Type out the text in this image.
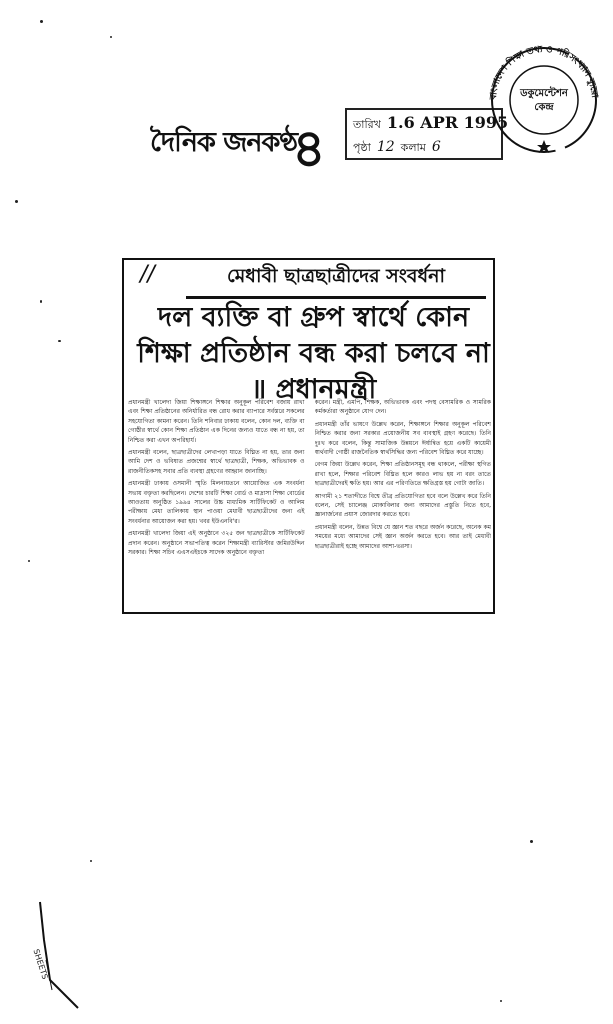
দৈনিক জনকণ্ঠ
৪ তারিখ 1.6 APR 1995
পৃষ্ঠা 12 কলাম 6
বাংলাদেশ শিক্ষা তথ্য ও পরিসংখ্যান ব্যুরো
ডকুমেন্টেশন
কেন্দ্র
//	মেধাবী ছাত্রছাত্রীদের সংবর্ধনা
দল ব্যক্তি বা গ্রুপ স্বার্থে কোন শিক্ষা প্রতিষ্ঠান বন্ধ করা চলবে না ॥ প্রধানমন্ত্রী

প্রধানমন্ত্রী খালেদা জিয়া শিক্ষাঙ্গনে শিক্ষার অনুকূল পরিবেশ বজায় রাখা এবং শিক্ষা প্রতিষ্ঠানের অনির্ধারিত বন্ধ রোধ করার ব্যাপারে সর্বস্তরে সকলের সহযোগিতা কামনা করেন। তিনি শনিবার ঢাকায় বলেন, কোন দল, ব্যক্তি বা গোষ্ঠীর স্বার্থে কোন শিক্ষা প্রতিষ্ঠান এক দিনের জন্যও যাতে বন্ধ না হয়, তা নিশ্চিত করা এখন অপরিহার্য।

প্রধানমন্ত্রী বলেন, ছাত্রছাত্রীদের লেখাপড়া যাতে বিঘ্নিত না হয়, তার জন্য আমি দেশ ও ভবিষ্যত প্রজন্মের স্বার্থে ছাত্রছাত্রী, শিক্ষক, অভিভাবক ও রাজনীতিকসহ সবার প্রতি ব্যবস্থা গ্রহণের আহ্বান জানাচ্ছি।

প্রধানমন্ত্রী ঢাকায় ওসমানী স্মৃতি মিলনায়তনে আয়োজিত এক সংবর্ধনা সভায় বক্তৃতা করছিলেন। দেশের চারটি শিক্ষা বোর্ড ও মাদ্রাসা শিক্ষা বোর্ডের আওতায় অনুষ্ঠিত ১৯৯৪ সালের উচ্চ মাধ্যমিক সার্টিফিকেট ও আলিম পরীক্ষায় মেধা তালিকায় স্থান পাওয়া মেধাবী ছাত্রছাত্রীদের জন্য এই সংবর্ধনার আয়োজন করা হয়। খবর ইউএনবি'র।

প্রধানমন্ত্রী খালেদা জিয়া এই অনুষ্ঠানে ৩২৫ জন ছাত্রছাত্রীকে সার্টিফিকেট প্রদান করেন। অনুষ্ঠানে সভাপতিত্ব করেন শিক্ষামন্ত্রী ব্যারিস্টার জমিরউদ্দিন সরকার। শিক্ষা সচিব এএসএইচকে সাদেক অনুষ্ঠানে বক্তৃতা

করেন। মন্ত্রী, এমপি, শিক্ষক, অভিভাবক এবং পদস্থ বেসামরিক ও সামরিক কর্মকর্তারা অনুষ্ঠানে যোগ দেন।

প্রধানমন্ত্রী তাঁর ভাষণে উল্লেখ করেন, শিক্ষাঙ্গনে শিক্ষার অনুকূল পরিবেশ নিশ্চিত করার জন্য সরকার প্রয়োজনীয় সব ব্যবস্থাই গ্রহণ করেছে। তিনি দুঃখ করে বলেন, কিন্তু সামাজিক উন্নয়নে ঈর্ষান্বিত হয়ে একটি কায়েমী স্বার্থবাদী গোষ্ঠী রাজনৈতিক স্বার্থসিদ্ধির জন্য পরিবেশ বিঘ্নিত করে যাচ্ছে।

বেগম জিয়া উল্লেখ করেন, শিক্ষা প্রতিষ্ঠানসমূহ বন্ধ থাকলে, পরীক্ষা স্থগিত রাখা হলে, শিক্ষার পরিবেশ বিঘ্নিত হলে কারও লাভ হয় না বরং তাতে ছাত্রছাত্রীদেরই ক্ষতি হয়। আর এর পরিণতিতে ক্ষতিগ্রস্ত হয় গোটা জাতি।

আগামী ২১ শতাব্দীতে বিশ্বে তীব্র প্রতিযোগিতা হবে বলে উল্লেখ করে তিনি বলেন, সেই চ্যালেঞ্জ মোকাবিলার জন্য আমাদের প্রস্তুতি নিতে হবে, জ্ঞানার্জনের প্রয়াস জোরদার করতে হবে।

প্রধানমন্ত্রী বলেন, উন্নত বিশ্বে যে জ্ঞান শত বছরে অর্জন করেছে, অনেক কম সময়ের মধ্যে আমাদের সেই জ্ঞান অর্জন করতে হবে। আর তাই মেধাবী ছাত্রছাত্রীরাই হচ্ছে আমাদের আশা-ভরসা।

SHEETS
